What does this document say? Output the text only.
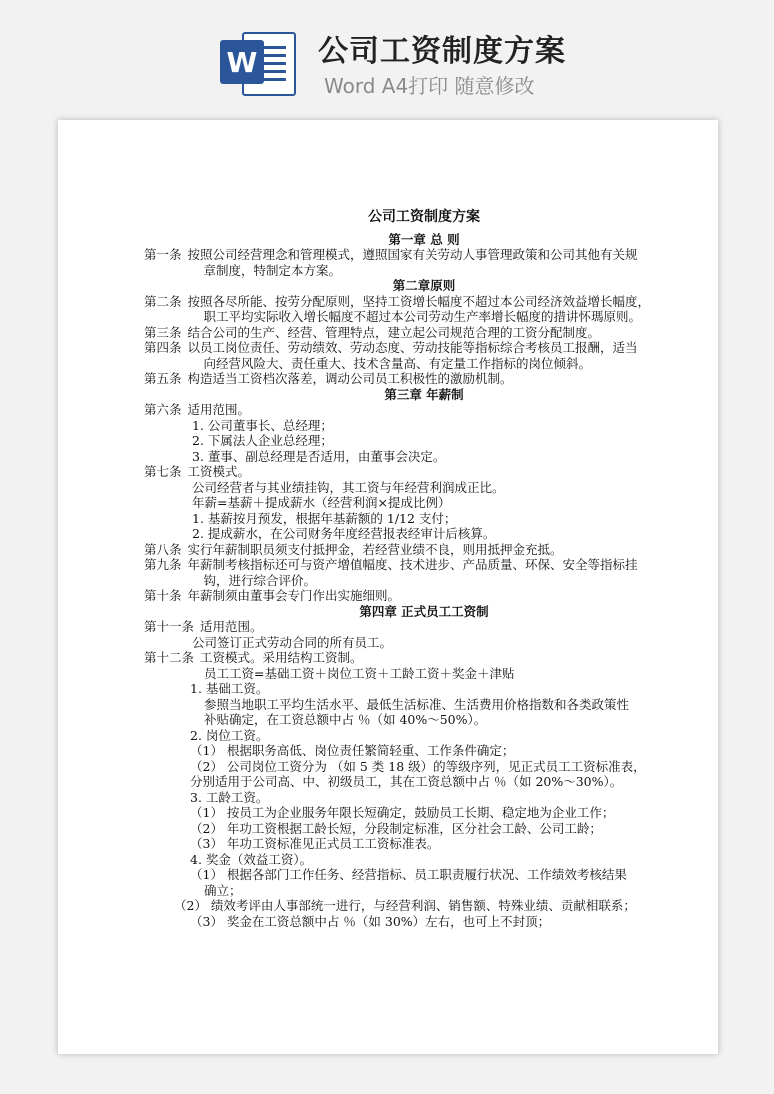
W 公司工资制度方案
Word A4打印 随意修改
公司工资制度方案
第一章 总 则
第一条 按照公司经营理念和管理模式，遵照国家有关劳动人事管理政策和公司其他有关规
章制度，特制定本方案。
第二章原则
第二条 按照各尽所能、按劳分配原则，坚持工资增长幅度不超过本公司经济效益增长幅度，
职工平均实际收入增长幅度不超过本公司劳动生产率增长幅度的措讲怀瑪原则。
第三条 结合公司的生产、经营、管理特点，建立起公司规范合理的工资分配制度。
第四条 以员工岗位责任、劳动绩效、劳动态度、劳动技能等指标综合考核员工报酬，适当
向经营风险大、责任重大、技术含量高、有定量工作指标的岗位倾斜。
第五条 构造适当工资档次落差，调动公司员工积极性的激励机制。
第三章 年薪制
第六条 适用范围。
1. 公司董事长、总经理；
2. 下属法人企业总经理；
3. 董事、副总经理是否适用，由董事会决定。
第七条 工资模式。
公司经营者与其业绩挂钩，其工资与年经营利润成正比。
年薪=基薪＋提成薪水（经营利润×提成比例）
1. 基薪按月预发，根据年基薪额的 1/12 支付；
2. 提成薪水，在公司财务年度经营报表经审计后核算。
第八条 实行年薪制职员须支付抵押金，若经营业绩不良，则用抵押金充抵。
第九条 年薪制考核指标还可与资产增值幅度、技术进步、产品质量、环保、安全等指标挂
钩，进行综合评价。
第十条 年薪制须由董事会专门作出实施细则。
第四章 正式员工工资制
第十一条 适用范围。
公司签订正式劳动合同的所有员工。
第十二条 工资模式。采用结构工资制。
员工工资=基础工资＋岗位工资＋工龄工资＋奖金＋津贴
1. 基础工资。
参照当地职工平均生活水平、最低生活标准、生活费用价格指数和各类政策性
补贴确定，在工资总额中占 ％（如 40%～50%）。
2. 岗位工资。
（1） 根据职务高低、岗位责任繁简轻重、工作条件确定；
（2） 公司岗位工资分为 （如 5 类 18 级）的等级序列，见正式员工工资标准表，
分别适用于公司高、中、初级员工，其在工资总额中占 ％（如 20%～30%）。
3. 工龄工资。
（1） 按员工为企业服务年限长短确定，鼓励员工长期、稳定地为企业工作；
（2） 年功工资根据工龄长短，分段制定标准，区分社会工龄、公司工龄；
（3） 年功工资标准见正式员工工资标准表。
4. 奖金（效益工资）。
（1） 根据各部门工作任务、经营指标、员工职责履行状况、工作绩效考核结果
确立；
（2） 绩效考评由人事部统一进行，与经营利润、销售额、特殊业绩、贡献相联系；
（3） 奖金在工资总额中占 ％（如 30%）左右，也可上不封顶；
